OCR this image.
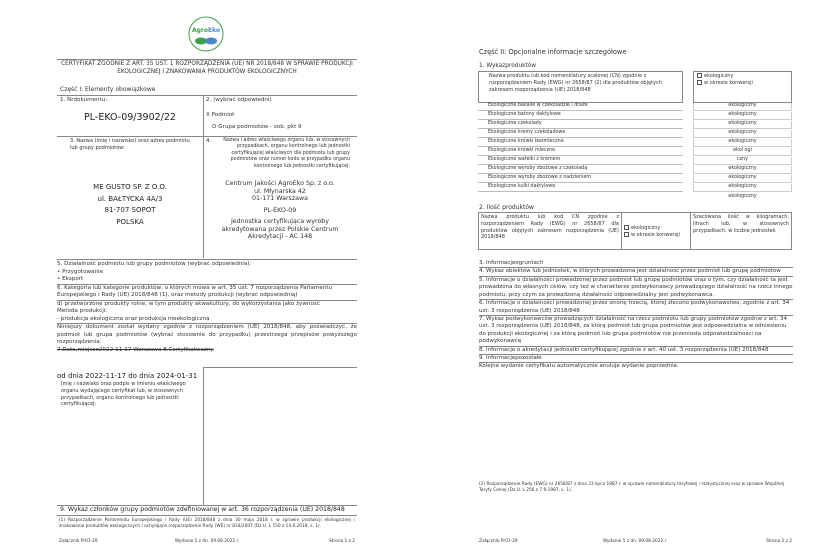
AgroEko
CERTYFIKAT ZGODNIE Z ART. 35 UST. 1 ROZPORZĄDZENIA (UE) NR 2018/848 W SPRAWIE PRODUKCJI EKOLOGICZNEJ I ZNAKOWANIA PRODUKTÓW EKOLOGICZNYCH
Część I: Elementy obowiązkowe
1. Nrdokumentu:
PL-EKO-09/3902/22
2. (wybrać odpowiedni)
X Podmiot
O Grupa podmiotów - zob. pkt 9
3. Nazwa (imię i nazwisko) oraz adres podmiotu lub grupy podmiotów:
ME GUSTO SP. Z O.O.
ul. BAŁTYCKA 4A/3
81-707 SOPOT
POLSKA
4.	Nazwa i adres właściwego organu lub, w stosownych przypadkach, organu kontrolnego lub jednostki certyfikującej właściwych dla podmiotu lub grupy podmiotów oraz numer kodu w przypadku organu kontrolnego lub jednostki certyfikującej:
Centrum Jakości AgroEko Sp. z o.o.
ul. Młynarska 42
01-171 Warszawa
PL-EKO-09
Jednostka certyfikująca wyroby akredytowana przez Polskie Centrum Akredytacji - AC 148
5. Działalność podmiotu lub grupy podmiotów (wybrać odpowiednia):
• Przygotowanie
• Eksport
6. Kategoria lub kategorie produktów, o których mowa w art. 35 ust. 7 rozporządzenia Parlamentu Europejskiego i Rady (UE) 2018/848 (1), oraz metody produkcji (wybrać odpowiednią)
d) przetworzone produkty rolne, w tym produkty akwakultury, do wykorzystania jako żywność
Metoda produkcji:
- produkcja ekologiczna oraz produkcja nieekologiczna
Niniejszy dokument został wydany zgodnie z rozporządzeniem (UE) 2018/848, aby poświadczyć, że podmiot lub grupa podmiotów (wybrać stosownie do przypadku) przestrzega przepisów powyższego rozporządzenia.
7.Data,miejsce2022-11-17 Warszawa 8.Certyfikatważny
od dnia 2022-11-17 do dnia 2024-01-31
Imię i nazwisko oraz podpis w imieniu właściwego organu wydającego certyfikat lub, w stosownych przypadkach, organu kontrolnego lub jednostki certyfikującej:
9. Wykaz członków grupy podmiotów zdefiniowanej w art. 36 rozporządzenia (UE) 2018/848
(1) Rozporządzenie Parlamentu Europejskiego i Rady (UE) 2018/848 z dnia 30 maja 2018 r. w sprawie produkcji ekologicznej i znakowania produktów ekologicznych i uchylające rozporządzenie Rady (WE) nr 834/2007 (Dz.U. L 150 z 14.6.2018, s. 1).
Załącznik Pr01-29	Wydanie 5 z dn. 09.08.2022 r.	Strona 1 z 2
Część II: Opcjonalne informacje szczegółowe
1. Wykazproduktów
Nazwa produktu lub kod nomenklatury scalonej (CN) zgodnie z rozporządzeniem Rady (EWG) nr 2658/87 (2) dla produktów objętych zakresem rozporządzenia (UE) 2018/848
ekologiczny
w okresie konwersji
Ekologiczne bakalie w czekoladzie i draże	ekologiczny
Ekologiczne batony daktylowe	ekologiczny
Ekologiczne czekolady	ekologiczny
Ekologiczne kremy czekoladowe	ekologiczny
Ekologiczne krówki bezmleczne	ekologiczny
Ekologiczne krówki mleczne	ekol ogi
Ekologiczne wafelki z kremem	czny
Ekologiczne wyroby zbożowe z czekoladą	ekologiczny
Ekologiczne wyroby zbożowe z nadzieniem	ekologiczny
Ekologiczne kulki daktylowe	ekologiczny
ekologiczny
2. Ilość produktów
Nazwa produktu lub kod CN zgodnie z rozporządzeniem Rady (EWG) nr 2658/87 dla produktów objętych zakresem rozporządzenia (UE) 2018/848
ekologiczny
w okresie konwersji
Szacowana ilość w kilogramach, litrach lub, w stosownych przypadkach, w liczbie jednostek
3. Informacjeogruntach
4. Wykaz obiektów lub jednostek, w których prowadzona jest działalność przez podmiot lub grupę podmiotów
5. Informacje o działalności prowadzonej przez podmiot lub grupę podmiotów oraz o tym, czy działalność ta jest prowadzona do własnych celów, czy też w charakterze podwykonawcy prowadzącego działalność na rzecz innego podmiotu, przy czym za prowadzoną działalność odpowiedzialny jest podwykonawca.
6. Informacje o działalności prowadzonej przez stronę trzecią, której zlecono podwykonawstwo, zgodnie z art. 34 ust. 3 rozporządzenia (UE) 2018/848
7. Wykaz podwykonawców prowadzących działalność na rzecz podmiotu lub grupy podmiotów zgodnie z art. 34 ust. 3 rozporządzenia (UE) 2018/848, za którą podmiot lub grupa podmiotów jest odpowiedzialna w odniesieniu do produkcji ekologicznej i za którą podmiot lub grupa podmiotów nie przeniosła odpowiedzialności na podwykonawcę
8. Informacje o akredytacji jednostki certyfikującej zgodnie z art. 40 ust. 3 rozporządzenia (UE) 2018/848
9. Informacjepozostałe
Kolejne wydanie certyfikatu automatycznie anuluje wydanie poprzednie.
(2) Rozporządzenie Rady (EWG) nr 2658/87 z dnia 23 lipca 1987 r. w sprawie nomenklatury taryfowej i statystycznej oraz w sprawie Wspólnej Taryfy Celnej (Dz.U. L 256 z 7.9.1987, s. 1).
Załącznik Pr01-29	Wydanie 5 z dn. 09.08.2022 r.	Strona 2 z 2
